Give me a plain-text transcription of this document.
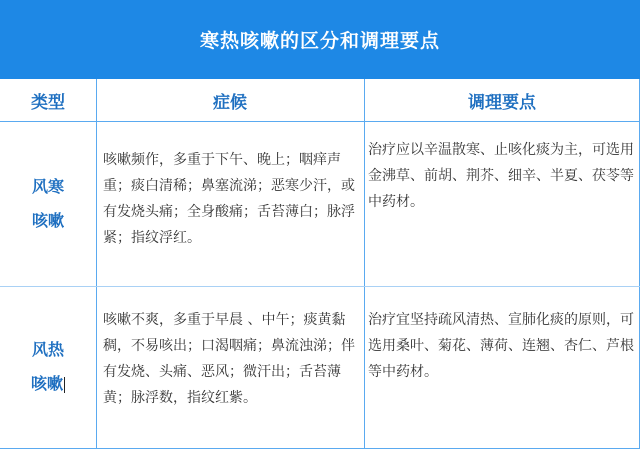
寒热咳嗽的区分和调理要点
类型	症候	调理要点
风寒
咳嗽
咳嗽频作，多重于下午、晚上；咽痒声重；痰白清稀；鼻塞流涕；恶寒少汗，或有发烧头痛；全身酸痛；舌苔薄白；脉浮紧；指纹浮红。
治疗应以辛温散寒、止咳化痰为主，可选用金沸草、前胡、荆芥、细辛、半夏、茯苓等中药材。
风热
咳嗽
咳嗽不爽，多重于早晨 、中午；痰黄黏稠，不易咳出；口渴咽痛；鼻流浊涕；伴有发烧、头痛、恶风；微汗出；舌苔薄黄；脉浮数，指纹红紫。
治疗宜坚持疏风清热、宣肺化痰的原则，可选用桑叶、菊花、薄荷、连翘、杏仁、芦根等中药材。
